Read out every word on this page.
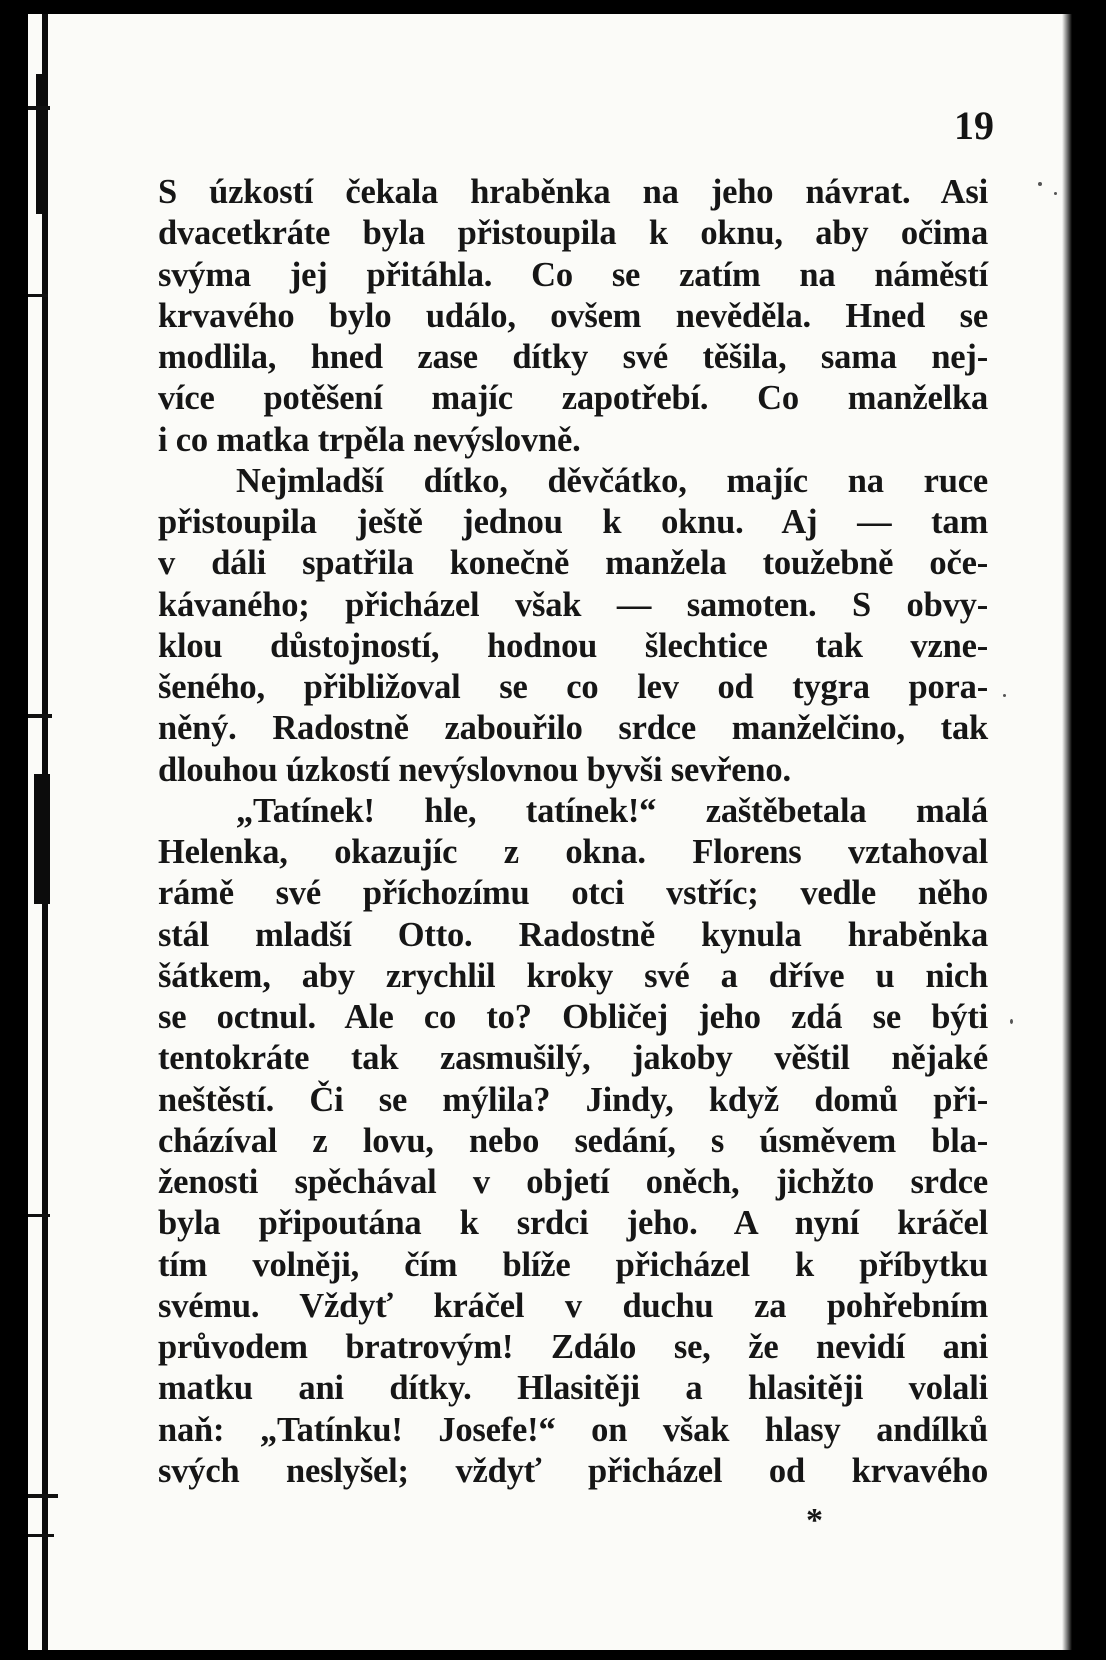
19
S úzkostí čekala hraběnka na jeho návrat. Asi
dvacetkráte byla přistoupila k oknu, aby očima
svýma jej přitáhla. Co se zatím na náměstí
krvavého bylo událo, ovšem nevěděla. Hned se
modlila, hned zase dítky své těšila, sama nej-
více potěšení majíc zapotřebí. Co manželka
i co matka trpěla nevýslovně.
Nejmladší dítko, děvčátko, majíc na ruce
přistoupila ještě jednou k oknu. Aj — tam
v dáli spatřila konečně manžela toužebně oče-
kávaného; přicházel však — samoten. S obvy-
klou důstojností, hodnou šlechtice tak vzne-
šeného, přibližoval se co lev od tygra pora-
něný. Radostně zabouřilo srdce manželčino, tak
dlouhou úzkostí nevýslovnou byvši sevřeno.
„Tatínek! hle, tatínek!“ zaštěbetala malá
Helenka, okazujíc z okna. Florens vztahoval
rámě své příchozímu otci vstříc; vedle něho
stál mladší Otto. Radostně kynula hraběnka
šátkem, aby zrychlil kroky své a dříve u nich
se octnul. Ale co to? Obličej jeho zdá se býti
tentokráte tak zasmušilý, jakoby věštil nějaké
neštěstí. Či se mýlila? Jindy, když domů při-
cházíval z lovu, nebo sedání, s úsměvem bla-
ženosti spěchával v objetí oněch, jichžto srdce
byla připoutána k srdci jeho. A nyní kráčel
tím volněji, čím blíže přicházel k příbytku
svému. Vždyť kráčel v duchu za pohřebním
průvodem bratrovým! Zdálo se, že nevidí ani
matku ani dítky. Hlasitěji a hlasitěji volali
naň: „Tatínku! Josefe!“ on však hlasy andílků
svých neslyšel; vždyť přicházel od krvavého
*
